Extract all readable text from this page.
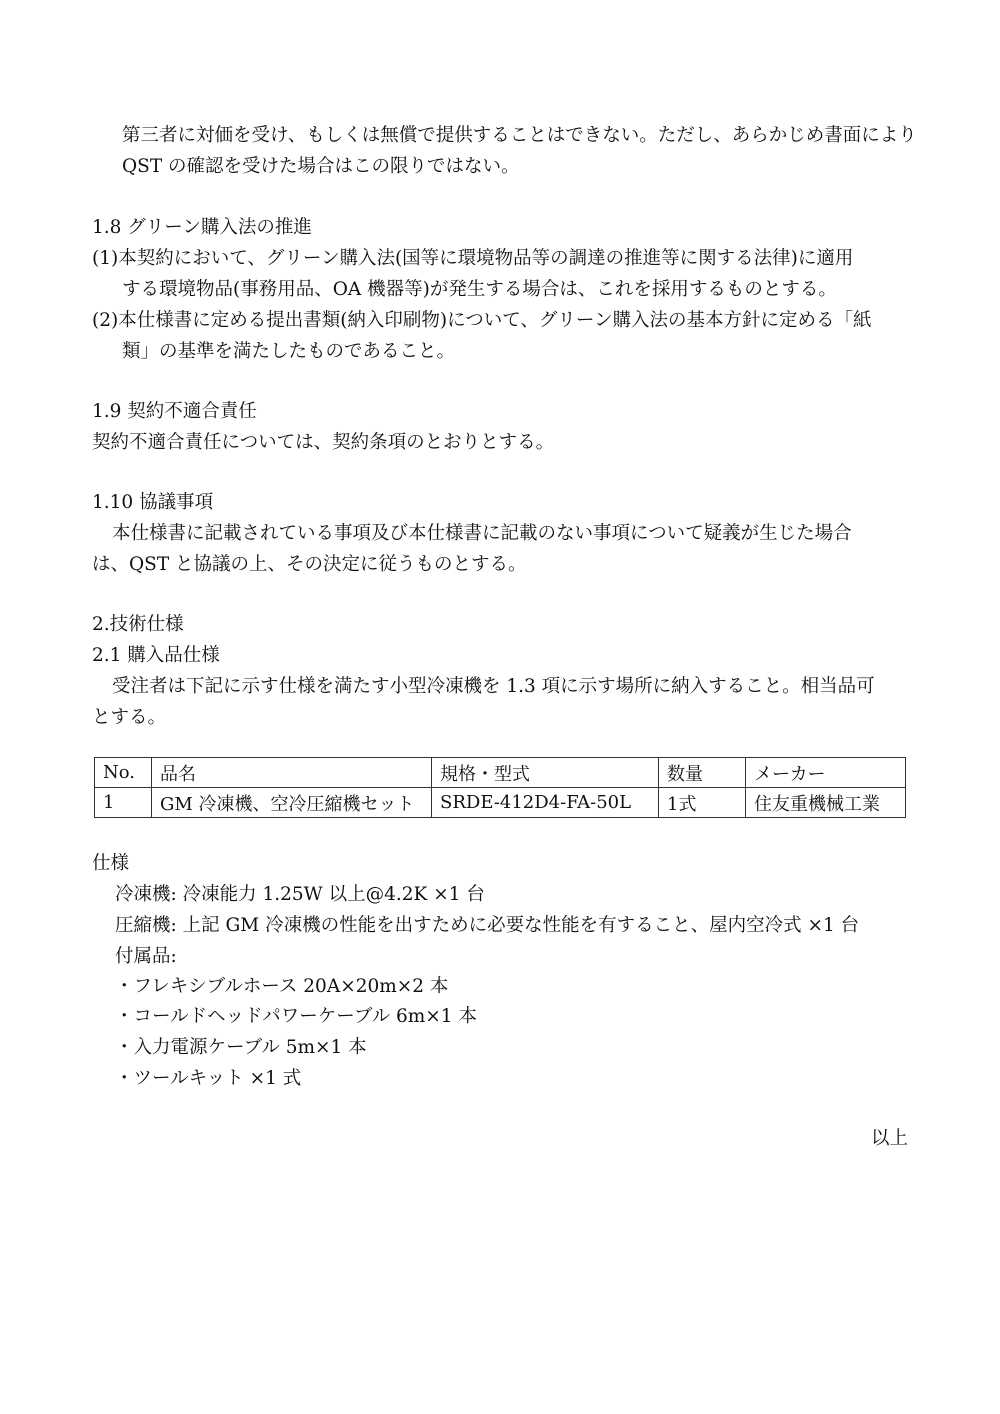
第三者に対価を受け、もしくは無償で提供することはできない。ただし、あらかじめ書面により
QST の確認を受けた場合はこの限りではない。
1.8 グリーン購入法の推進
(1)本契約において、グリーン購入法(国等に環境物品等の調達の推進等に関する法律)に適用
する環境物品(事務用品、OA 機器等)が発生する場合は、これを採用するものとする。
(2)本仕様書に定める提出書類(納入印刷物)について、グリーン購入法の基本方針に定める「紙
類」の基準を満たしたものであること。
1.9 契約不適合責任
契約不適合責任については、契約条項のとおりとする。
1.10 協議事項
本仕様書に記載されている事項及び本仕様書に記載のない事項について疑義が生じた場合
は、QST と協議の上、その決定に従うものとする。
2.技術仕様
2.1 購入品仕様
受注者は下記に示す仕様を満たす小型冷凍機を 1.3 項に示す場所に納入すること。相当品可
とする。
No.	品名	規格・型式	数量	メーカー
1	GM 冷凍機、空冷圧縮機セット	SRDE-412D4-FA-50L	1式	住友重機械工業
仕様
冷凍機: 冷凍能力 1.25W 以上@4.2K ×1 台
圧縮機: 上記 GM 冷凍機の性能を出すために必要な性能を有すること、屋内空冷式 ×1 台
付属品:
・フレキシブルホース 20A×20m×2 本
・コールドヘッドパワーケーブル 6m×1 本
・入力電源ケーブル 5m×1 本
・ツールキット ×1 式
以上
